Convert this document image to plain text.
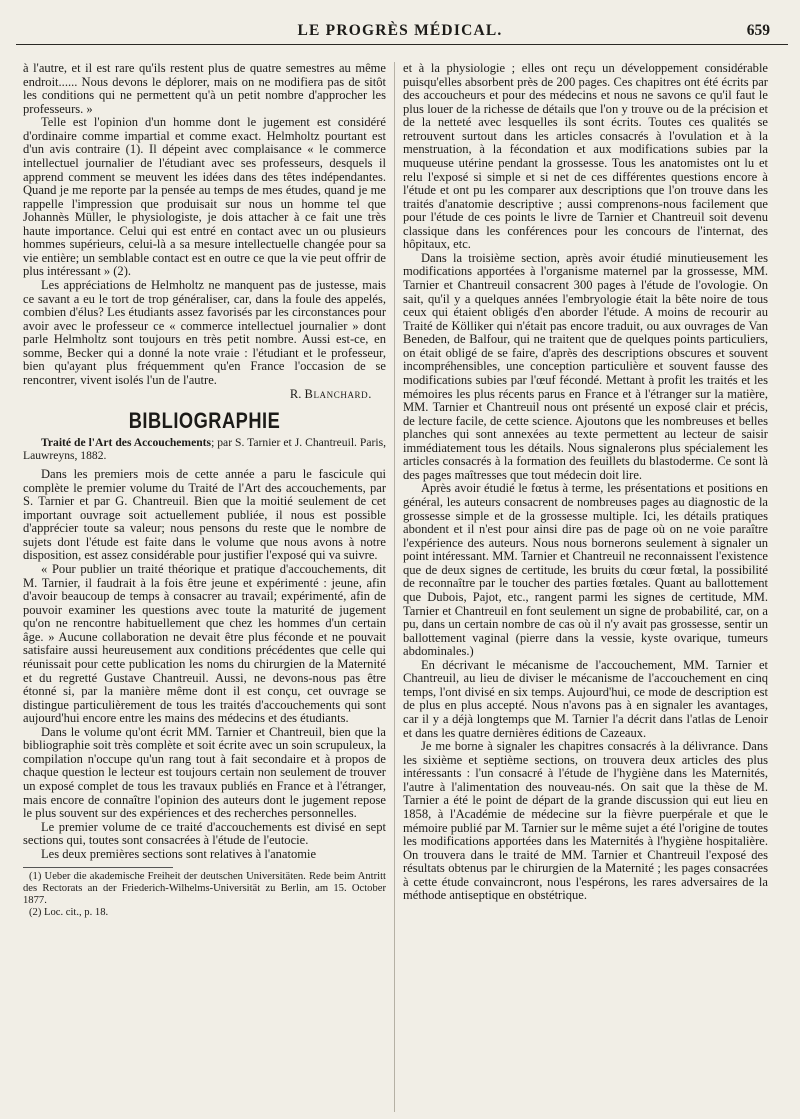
LE PROGRÈS MÉDICAL.	659

à l'autre, et il est rare qu'ils restent plus de quatre semestres au même endroit...... Nous devons le déplorer, mais on ne modifiera pas de sitôt les conditions qui ne permettent qu'à un petit nombre d'approcher les professeurs. »

Telle est l'opinion d'un homme dont le jugement est considéré d'ordinaire comme impartial et comme exact. Helmholtz pourtant est d'un avis contraire (1). Il dépeint avec complaisance « le commerce intellectuel journalier de l'étudiant avec ses professeurs, desquels il apprend comment se meuvent les idées dans des têtes indépendantes. Quand je me reporte par la pensée au temps de mes études, quand je me rappelle l'impression que produisait sur nous un homme tel que Johannès Müller, le physiologiste, je dois attacher à ce fait une très haute importance. Celui qui est entré en contact avec un ou plusieurs hommes supérieurs, celui-là a sa mesure intellectuelle changée pour sa vie entière; un semblable contact est en outre ce que la vie peut offrir de plus intéressant » (2).

Les appréciations de Helmholtz ne manquent pas de justesse, mais ce savant a eu le tort de trop généraliser, car, dans la foule des appelés, combien d'élus? Les étudiants assez favorisés par les circonstances pour avoir avec le professeur ce « commerce intellectuel journalier » dont parle Helmholtz sont toujours en très petit nombre. Aussi est-ce, en somme, Becker qui a donné la note vraie : l'étudiant et le professeur, bien qu'ayant plus fréquemment qu'en France l'occasion de se rencontrer, vivent isolés l'un de l'autre.

R. Blanchard.

BIBLIOGRAPHIE

Traité de l'Art des Accouchements; par S. Tarnier et J. Chantreuil. Paris, Lauwreyns, 1882.

Dans les premiers mois de cette année a paru le fascicule qui complète le premier volume du Traité de l'Art des accouchements, par S. Tarnier et par G. Chantreuil. Bien que la moitié seulement de cet important ouvrage soit actuellement publiée, il nous est possible d'apprécier toute sa valeur; nous pensons du reste que le nombre de sujets dont l'étude est faite dans le volume que nous avons à notre disposition, est assez considérable pour justifier l'exposé qui va suivre.

« Pour publier un traité théorique et pratique d'accouchements, dit M. Tarnier, il faudrait à la fois être jeune et expérimenté : jeune, afin d'avoir beaucoup de temps à consacrer au travail; expérimenté, afin de pouvoir examiner les questions avec toute la maturité de jugement qu'on ne rencontre habituellement que chez les hommes d'un certain âge. » Aucune collaboration ne devait être plus féconde et ne pouvait satisfaire aussi heureusement aux conditions précédentes que celle qui réunissait pour cette publication les noms du chirurgien de la Maternité et du regretté Gustave Chantreuil. Aussi, ne devons-nous pas être étonné si, par la manière même dont il est conçu, cet ouvrage se distingue particulièrement de tous les traités d'accouchements qui sont aujourd'hui encore entre les mains des médecins et des étudiants.

Dans le volume qu'ont écrit MM. Tarnier et Chantreuil, bien que la bibliographie soit très complète et soit écrite avec un soin scrupuleux, la compilation n'occupe qu'un rang tout à fait secondaire et à propos de chaque question le lecteur est toujours certain non seulement de trouver un exposé complet de tous les travaux publiés en France et à l'étranger, mais encore de connaître l'opinion des auteurs dont le jugement repose le plus souvent sur des expériences et des recherches personnelles.

Le premier volume de ce traité d'accouchements est divisé en sept sections qui, toutes sont consacrées à l'étude de l'eutocie.

Les deux premières sections sont relatives à l'anatomie

(1) Ueber die akademische Freiheit der deutschen Universitäten. Rede beim Antritt des Rectorats an der Friederich-Wilhelms-Universität zu Berlin, am 15. October 1877.

(2) Loc. cit., p. 18.

et à la physiologie ; elles ont reçu un développement considérable puisqu'elles absorbent près de 200 pages. Ces chapitres ont été écrits par des accoucheurs et pour des médecins et nous ne savons ce qu'il faut le plus louer de la richesse de détails que l'on y trouve ou de la précision et de la netteté avec lesquelles ils sont écrits. Toutes ces qualités se retrouvent surtout dans les articles consacrés à l'ovulation et à la menstruation, à la fécondation et aux modifications subies par la muqueuse utérine pendant la grossesse. Tous les anatomistes ont lu et relu l'exposé si simple et si net de ces différentes questions encore à l'étude et ont pu les comparer aux descriptions que l'on trouve dans les traités d'anatomie descriptive ; aussi comprenons-nous facilement que pour l'étude de ces points le livre de Tarnier et Chantreuil soit devenu classique dans les conférences pour les concours de l'internat, des hôpitaux, etc.

Dans la troisième section, après avoir étudié minutieusement les modifications apportées à l'organisme maternel par la grossesse, MM. Tarnier et Chantreuil consacrent 300 pages à l'étude de l'ovologie. On sait, qu'il y a quelques années l'embryologie était la bête noire de tous ceux qui étaient obligés d'en aborder l'étude. A moins de recourir au Traité de Kölliker qui n'était pas encore traduit, ou aux ouvrages de Van Beneden, de Balfour, qui ne traitent que de quelques points particuliers, on était obligé de se faire, d'après des descriptions obscures et souvent incompréhensibles, une conception particulière et souvent fausse des modifications subies par l'œuf fécondé. Mettant à profit les traités et les mémoires les plus récents parus en France et à l'étranger sur la matière, MM. Tarnier et Chantreuil nous ont présenté un exposé clair et précis, de lecture facile, de cette science. Ajoutons que les nombreuses et belles planches qui sont annexées au texte permettent au lecteur de saisir immédiatement tous les détails. Nous signalerons plus spécialement les articles consacrés à la formation des feuillets du blastoderme. Ce sont là des pages maîtresses que tout médecin doit lire.

Après avoir étudié le fœtus à terme, les présentations et positions en général, les auteurs consacrent de nombreuses pages au diagnostic de la grossesse simple et de la grossesse multiple. Ici, les détails pratiques abondent et il n'est pour ainsi dire pas de page où on ne voie paraître l'expérience des auteurs. Nous nous bornerons seulement à signaler un point intéressant. MM. Tarnier et Chantreuil ne reconnaissent l'existence que de deux signes de certitude, les bruits du cœur fœtal, la possibilité de reconnaître par le toucher des parties fœtales. Quant au ballottement que Dubois, Pajot, etc., rangent parmi les signes de certitude, MM. Tarnier et Chantreuil en font seulement un signe de probabilité, car, on a pu, dans un certain nombre de cas où il n'y avait pas grossesse, sentir un ballottement vaginal (pierre dans la vessie, kyste ovarique, tumeurs abdominales.)

En décrivant le mécanisme de l'accouchement, MM. Tarnier et Chantreuil, au lieu de diviser le mécanisme de l'accouchement en cinq temps, l'ont divisé en six temps. Aujourd'hui, ce mode de description est de plus en plus accepté. Nous n'avons pas à en signaler les avantages, car il y a déjà longtemps que M. Tarnier l'a décrit dans l'atlas de Lenoir et dans les quatre dernières éditions de Cazeaux.

Je me borne à signaler les chapitres consacrés à la délivrance. Dans les sixième et septième sections, on trouvera deux articles des plus intéressants : l'un consacré à l'étude de l'hygiène dans les Maternités, l'autre à l'alimentation des nouveau-nés. On sait que la thèse de M. Tarnier a été le point de départ de la grande discussion qui eut lieu en 1858, à l'Académie de médecine sur la fièvre puerpérale et que le mémoire publié par M. Tarnier sur le même sujet a été l'origine de toutes les modifications apportées dans les Maternités à l'hygiène hospitalière. On trouvera dans le traité de MM. Tarnier et Chantreuil l'exposé des résultats obtenus par le chirurgien de la Maternité ; les pages consacrées à cette étude convaincront, nous l'espérons, les rares adversaires de la méthode antiseptique en obstétrique.
